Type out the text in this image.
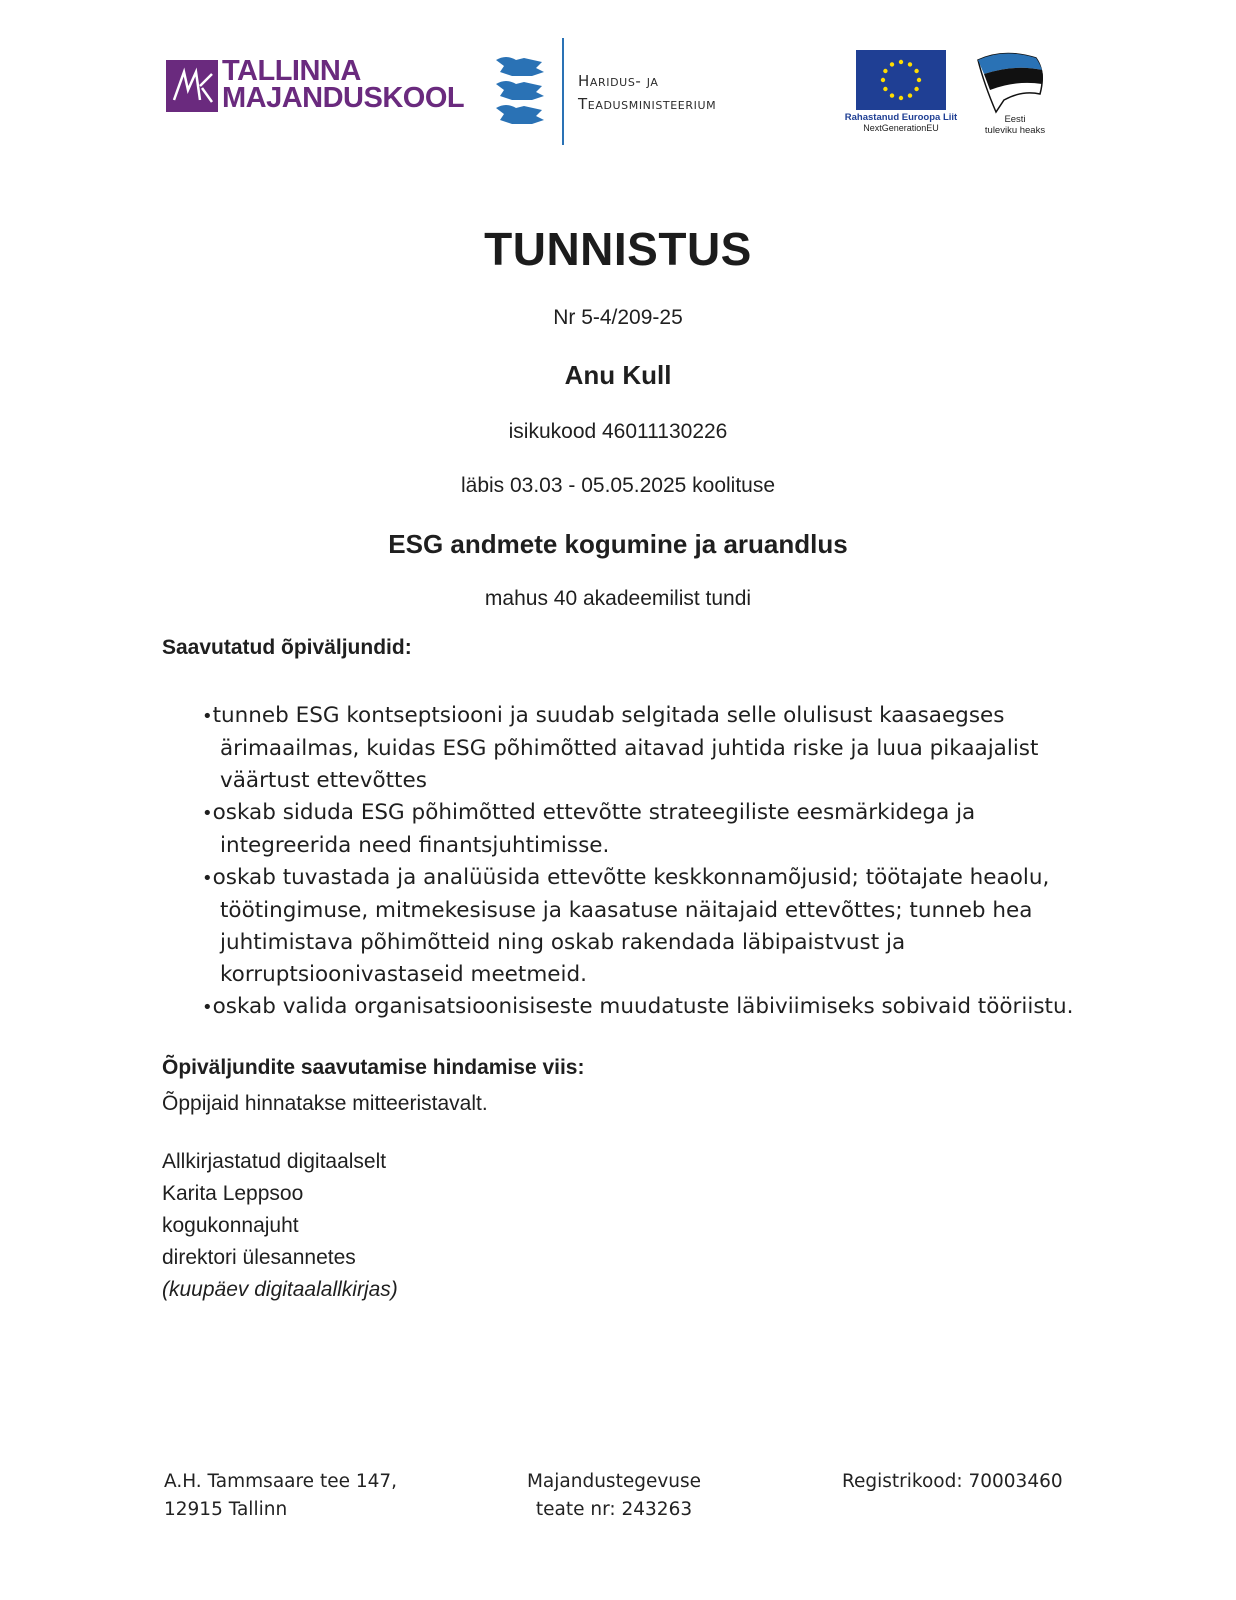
TALLINNA
MAJANDUSKOOL
Haridus- ja
Teadusministeerium
Rahastanud Euroopa Liit
NextGenerationEU
Eesti
tuleviku heaks
TUNNISTUS
Nr 5-4/209-25
Anu Kull
isikukood 46011130226
läbis 03.03 - 05.05.2025 koolituse
ESG andmete kogumine ja aruandlus
mahus 40 akadeemilist tundi
Saavutatud õpiväljundid:
•tunneb ESG kontseptsiooni ja suudab selgitada selle olulisust kaasaegses ärimaailmas, kuidas ESG põhimõtted aitavad juhtida riske ja luua pikaajalist väärtust ettevõttes
•oskab siduda ESG põhimõtted ettevõtte strateegiliste eesmärkidega ja integreerida need finantsjuhtimisse.
•oskab tuvastada ja analüüsida ettevõtte keskkonnamõjusid; töötajate heaolu, töötingimuse, mitmekesisuse ja kaasatuse näitajaid ettevõttes; tunneb hea juhtimistava põhimõtteid ning oskab rakendada läbipaistvust ja korruptsioonivastaseid meetmeid.
•oskab valida organisatsioonisiseste muudatuste läbiviimiseks sobivaid tööriistu.
Õpiväljundite saavutamise hindamise viis:
Õppijaid hinnatakse mitteeristavalt.
Allkirjastatud digitaalselt
Karita Leppsoo
kogukonnajuht
direktori ülesannetes
(kuupäev digitaalallkirjas)
A.H. Tammsaare tee 147,
12915 Tallinn
Majandustegevuse
teate nr: 243263
Registrikood: 70003460
